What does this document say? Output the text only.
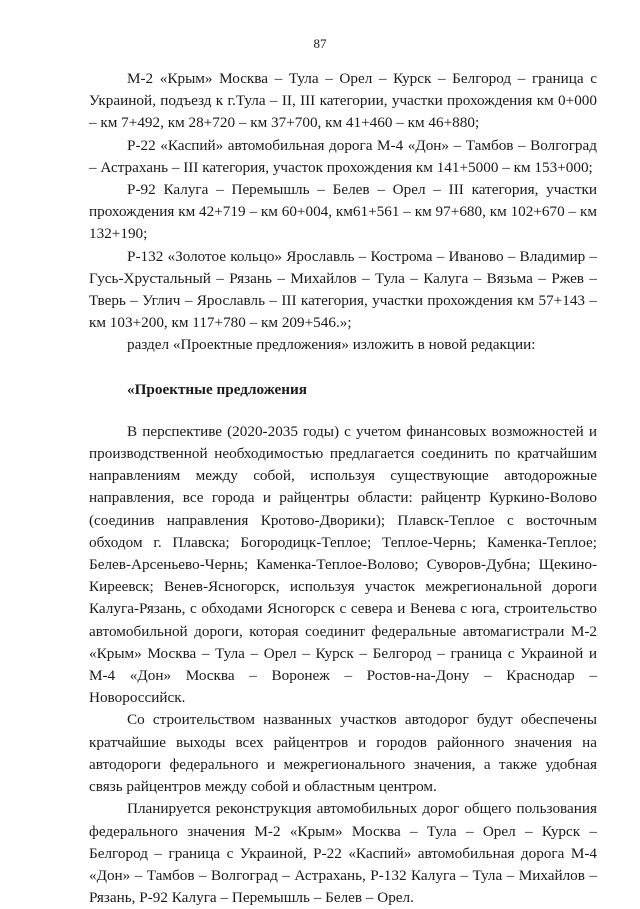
87

М-2 «Крым» Москва – Тула – Орел – Курск – Белгород – граница с Украиной, подъезд к г.Тула – II, III категории, участки прохождения км 0+000 – км 7+492, км 28+720 – км 37+700, км 41+460 – км 46+880;

Р-22 «Каспий» автомобильная дорога М-4 «Дон» – Тамбов – Волгоград – Астрахань – III категория, участок прохождения км 141+5000 – км 153+000;

Р-92 Калуга – Перемышль – Белев – Орел – III категория, участки прохождения км 42+719 – км 60+004, км61+561 – км 97+680, км 102+670 – км 132+190;

Р-132 «Золотое кольцо» Ярославль – Кострома – Иваново – Владимир – Гусь-Хрустальный – Рязань – Михайлов – Тула – Калуга – Вязьма – Ржев – Тверь – Углич – Ярославль – III категория, участки прохождения км 57+143 – км 103+200, км 117+780 – км 209+546.»;

раздел «Проектные предложения» изложить в новой редакции:

«Проектные предложения

В перспективе (2020-2035 годы) с учетом финансовых возможностей и производственной необходимостью предлагается соединить по кратчайшим направлениям между собой, используя существующие автодорожные направления, все города и райцентры области: райцентр Куркино-Волово (соединив направления Кротово-Дворики); Плавск-Теплое с восточным обходом г. Плавска; Богородицк-Теплое; Теплое-Чернь; Каменка-Теплое; Белев-Арсеньево-Чернь; Каменка-Теплое-Волово; Суворов-Дубна; Щекино-Киреевск; Венев-Ясногорск, используя участок межрегиональной дороги Калуга-Рязань, с обходами Ясногорск с севера и Венева с юга, строительство автомобильной дороги, которая соединит федеральные автомагистрали М-2 «Крым» Москва – Тула – Орел – Курск – Белгород – граница с Украиной и М-4 «Дон» Москва – Воронеж – Ростов-на-Дону – Краснодар – Новороссийск.

Со строительством названных участков автодорог будут обеспечены кратчайшие выходы всех райцентров и городов районного значения на автодороги федерального и межрегионального значения, а также удобная связь райцентров между собой и областным центром.

Планируется реконструкция автомобильных дорог общего пользования федерального значения М-2 «Крым» Москва – Тула – Орел – Курск – Белгород – граница с Украиной, Р-22 «Каспий» автомобильная дорога М-4 «Дон» – Тамбов – Волгоград – Астрахань, Р-132 Калуга – Тула – Михайлов – Рязань, Р-92 Калуга – Перемышль – Белев – Орел.
